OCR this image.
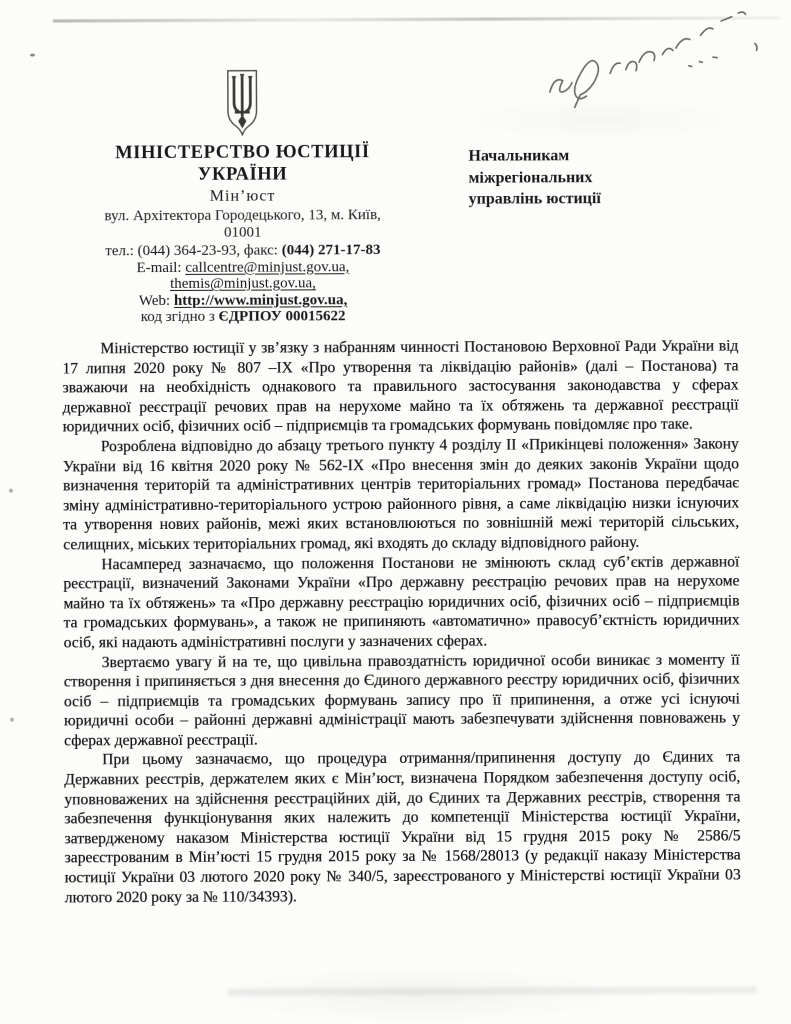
МІНІСТЕРСТВО ЮСТИЦІЇ
УКРАЇНИ
Мін’юст
вул. Архітектора Городецького, 13, м. Київ,
01001
тел.: (044) 364-23-93, факс: (044) 271-17-83
E-mail: callcentre@minjust.gov.ua,
themis@minjust.gov.ua,
Web: http://www.minjust.gov.ua,
код згідно з ЄДРПОУ 00015622
Начальникам
міжрегіональних
управлінь юстиції

Міністерство юстиції у зв’язку з набранням чинності Постановою Верховної Ради України від 17 липня 2020 року № 807 –ІХ «Про утворення та ліквідацію районів» (далі – Постанова) та зважаючи на необхідність однакового та правильного застосування законодавства у сферах державної реєстрації речових прав на нерухоме майно та їх обтяжень та державної реєстрації юридичних осіб, фізичних осіб – підприємців та громадських формувань повідомляє про таке.

Розроблена відповідно до абзацу третього пункту 4 розділу ІІ «Прикінцеві положення» Закону України від 16 квітня 2020 року № 562-ІХ «Про внесення змін до деяких законів України щодо визначення територій та адміністративних центрів територіальних громад» Постанова передбачає зміну адміністративно-територіального устрою районного рівня, а саме ліквідацію низки існуючих та утворення нових районів, межі яких встановлюються по зовнішній межі територій сільських, селищних, міських територіальних громад, які входять до складу відповідного району.

Насамперед зазначаємо, що положення Постанови не змінюють склад суб’єктів державної реєстрації, визначений Законами України «Про державну реєстрацію речових прав на нерухоме майно та їх обтяжень» та «Про державну реєстрацію юридичних осіб, фізичних осіб – підприємців та громадських формувань», а також не припиняють «автоматично» правосуб’єктність юридичних осіб, які надають адміністративні послуги у зазначених сферах.

Звертаємо увагу й на те, що цивільна правоздатність юридичної особи виникає з моменту її створення і припиняється з дня внесення до Єдиного державного реєстру юридичних осіб, фізичних осіб – підприємців та громадських формувань запису про її припинення, а отже усі існуючі юридичні особи – районні державні адміністрації мають забезпечувати здійснення повноважень у сферах державної реєстрації.

При цьому зазначаємо, що процедура отримання/припинення доступу до Єдиних та Державних реєстрів, держателем яких є Мін’юст, визначена Порядком забезпечення доступу осіб, уповноважених на здійснення реєстраційних дій, до Єдиних та Державних реєстрів, створення та забезпечення функціонування яких належить до компетенції Міністерства юстиції України, затвердженому наказом Міністерства юстиції України від 15 грудня 2015 року № 2586/5 зареєстрованим в Мін’юсті 15 грудня 2015 року за № 1568/28013 (у редакції наказу Міністерства юстиції України 03 лютого 2020 року № 340/5, зареєстрованого у Міністерстві юстиції України 03 лютого 2020 року за № 110/34393).
